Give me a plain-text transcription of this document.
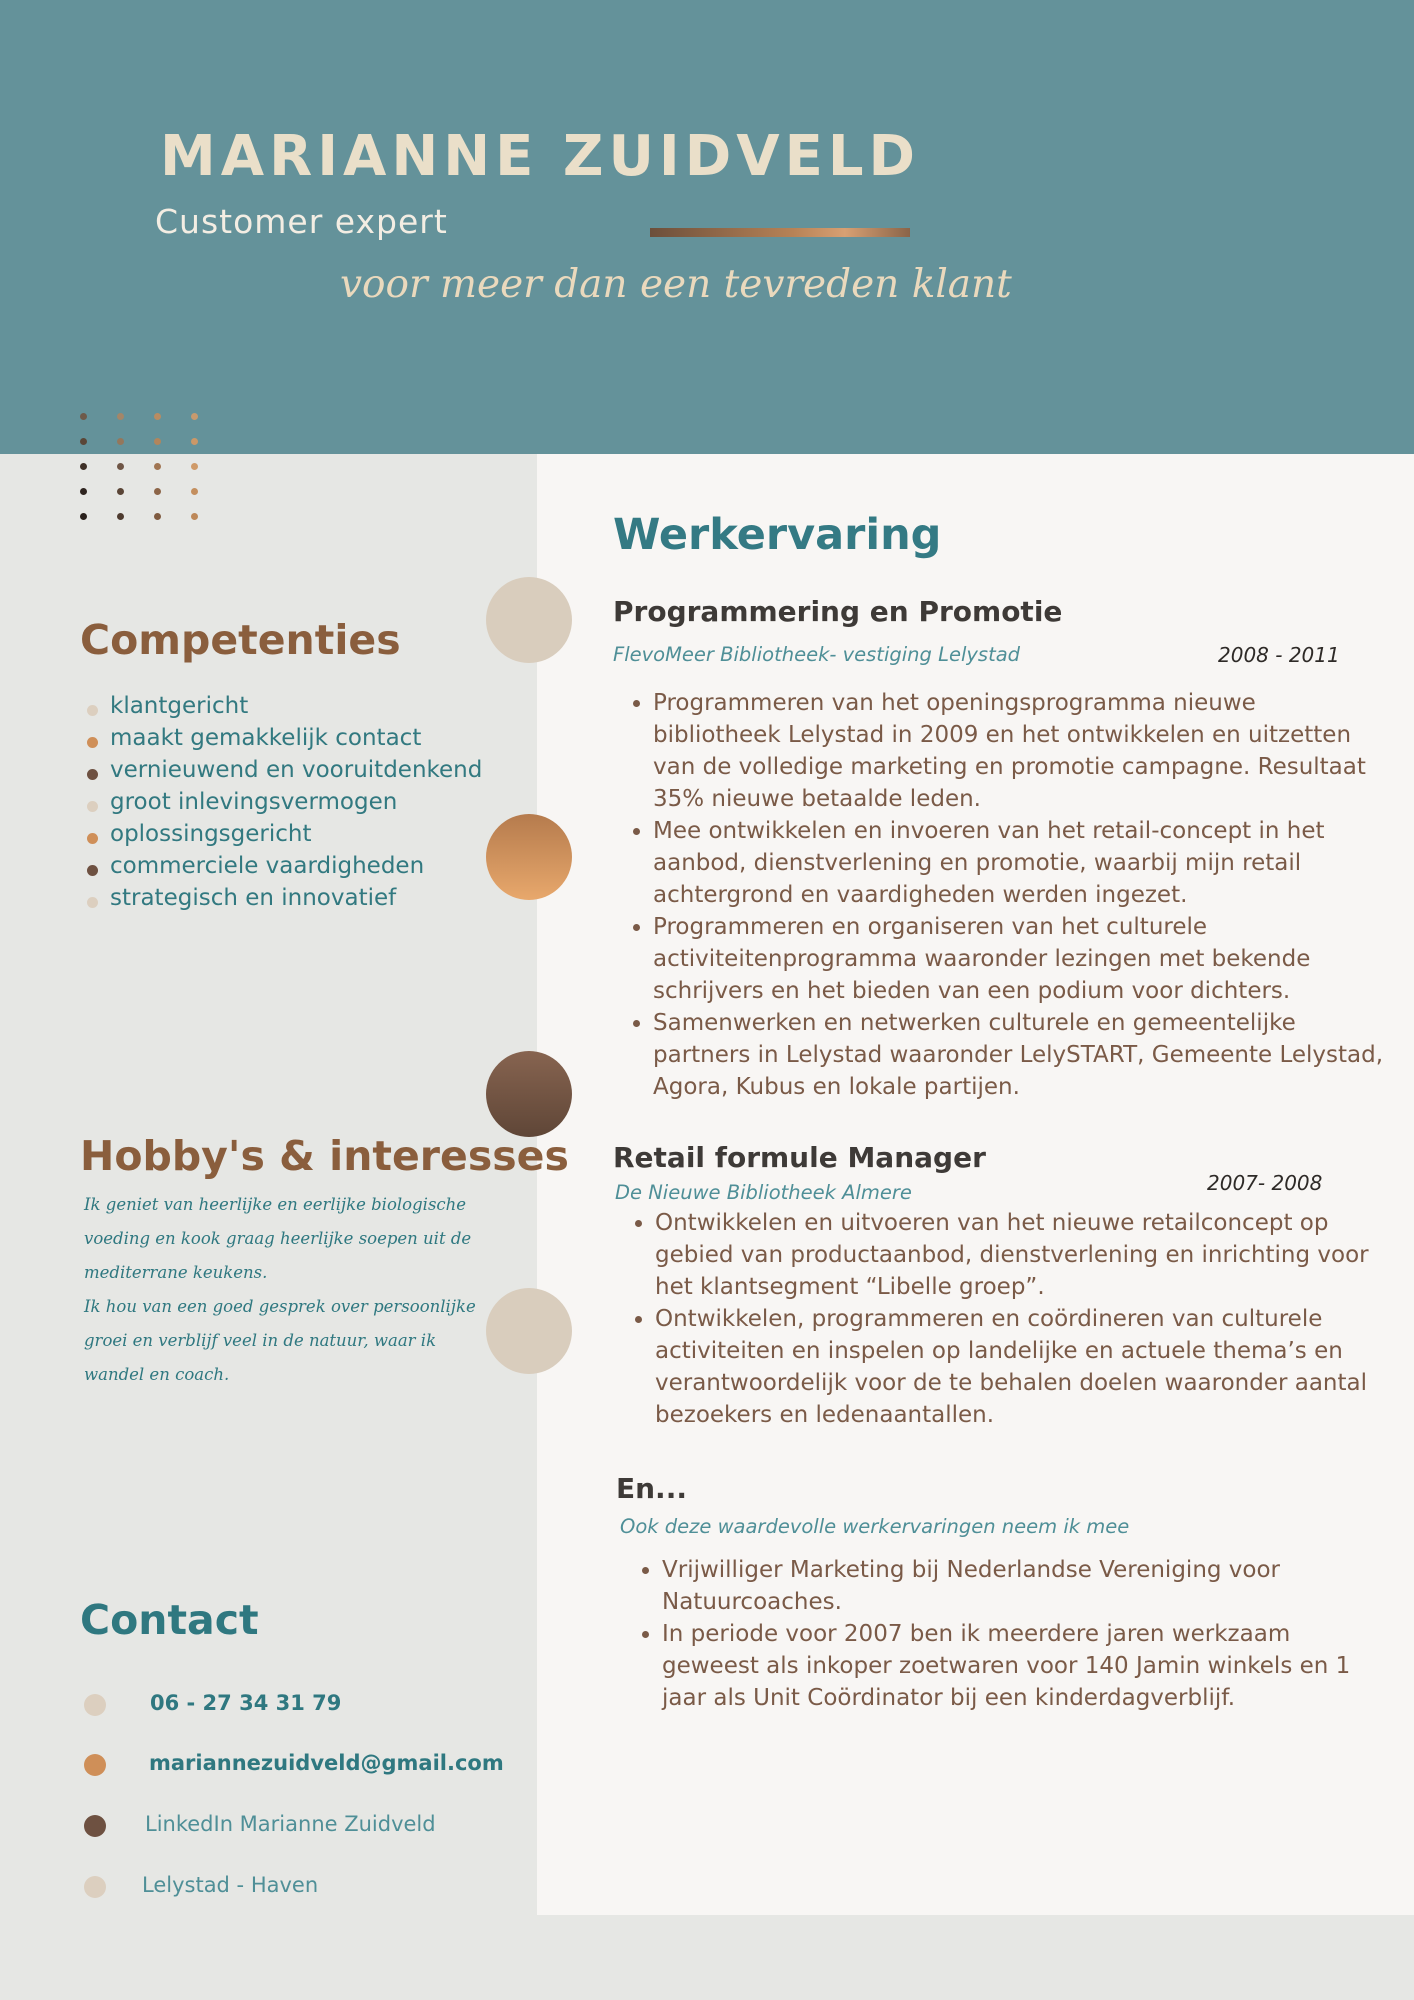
MARIANNE ZUIDVELD
Customer expert
voor meer dan een tevreden klant
Competenties
klantgericht
maakt gemakkelijk contact
vernieuwend en vooruitdenkend
groot inlevingsvermogen
oplossingsgericht
commerciele vaardigheden
strategisch en innovatief
Hobby's & interesses
Ik geniet van heerlijke en eerlijke biologische voeding en kook graag heerlijke soepen uit de mediterrane keukens.
Ik hou van een goed gesprek over persoonlijke groei en verblijf veel in de natuur, waar ik wandel en coach.
Contact
06 - 27 34 31 79
mariannezuidveld@gmail.com
LinkedIn Marianne Zuidveld
Lelystad - Haven
Werkervaring
Programmering en Promotie
FlevoMeer Bibliotheek- vestiging Lelystad	2008 - 2011
• Programmeren van het openingsprogramma nieuwe bibliotheek Lelystad in 2009 en het ontwikkelen en uitzetten van de volledige marketing en promotie campagne. Resultaat 35% nieuwe betaalde leden.
• Mee ontwikkelen en invoeren van het retail-concept in het aanbod, dienstverlening en promotie, waarbij mijn retail achtergrond en vaardigheden werden ingezet.
• Programmeren en organiseren van het culturele activiteitenprogramma waaronder lezingen met bekende schrijvers en het bieden van een podium voor dichters.
• Samenwerken en netwerken culturele en gemeentelijke partners in Lelystad waaronder LelySTART, Gemeente Lelystad, Agora, Kubus en lokale partijen.
Retail formule Manager
De Nieuwe Bibliotheek Almere	2007- 2008
• Ontwikkelen en uitvoeren van het nieuwe retailconcept op gebied van productaanbod, dienstverlening en inrichting voor het klantsegment “Libelle groep”.
• Ontwikkelen, programmeren en coördineren van culturele activiteiten en inspelen op landelijke en actuele thema’s en verantwoordelijk voor de te behalen doelen waaronder aantal bezoekers en ledenaantallen.
En...
Ook deze waardevolle werkervaringen neem ik mee
• Vrijwilliger Marketing bij Nederlandse Vereniging voor Natuurcoaches.
• In periode voor 2007 ben ik meerdere jaren werkzaam geweest als inkoper zoetwaren voor 140 Jamin winkels en 1 jaar als Unit Coördinator bij een kinderdagverblijf.
